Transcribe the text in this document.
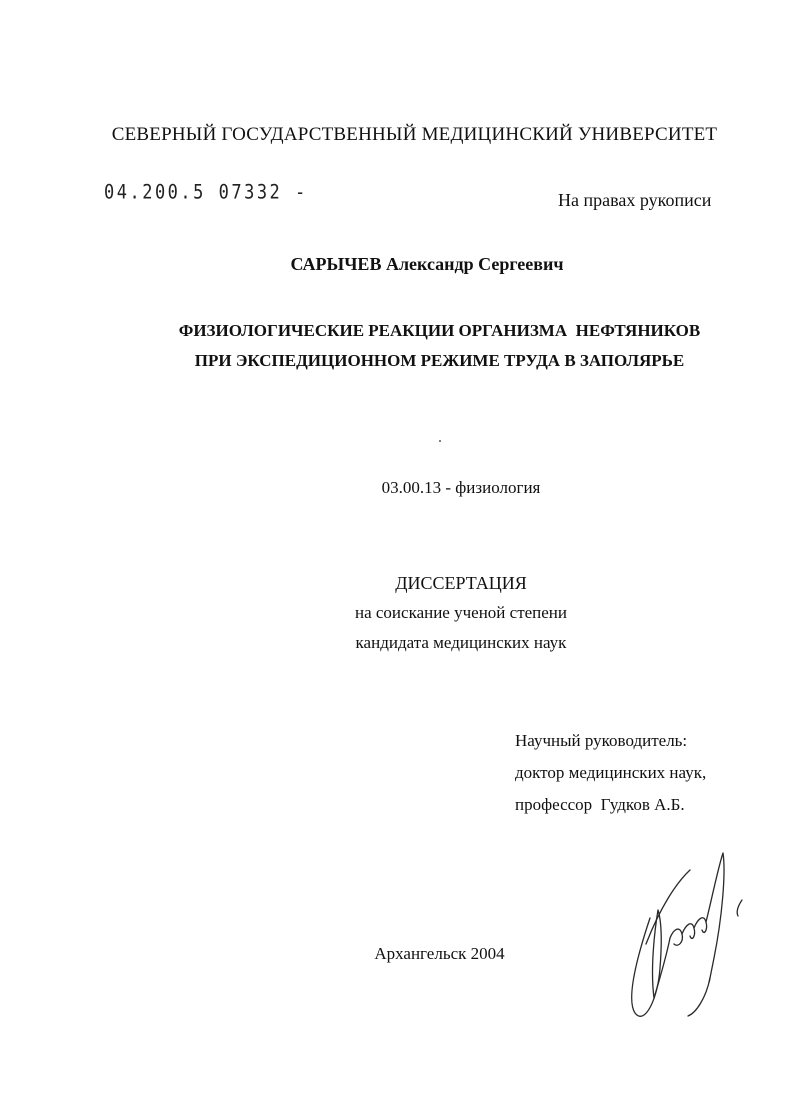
СЕВЕРНЫЙ ГОСУДАРСТВЕННЫЙ МЕДИЦИНСКИЙ УНИВЕРСИТЕТ
04.200.5 07332 -	На правах рукописи
САРЫЧЕВ Александр Сергеевич
ФИЗИОЛОГИЧЕСКИЕ РЕАКЦИИ ОРГАНИЗМА  НЕФТЯНИКОВ
ПРИ ЭКСПЕДИЦИОННОМ РЕЖИМЕ ТРУДА В ЗАПОЛЯРЬЕ
03.00.13 - физиология
ДИССЕРТАЦИЯ
на соискание ученой степени
кандидата медицинских наук
Научный руководитель:
доктор медицинских наук,
профессор  Гудков А.Б.
Архангельск 2004
